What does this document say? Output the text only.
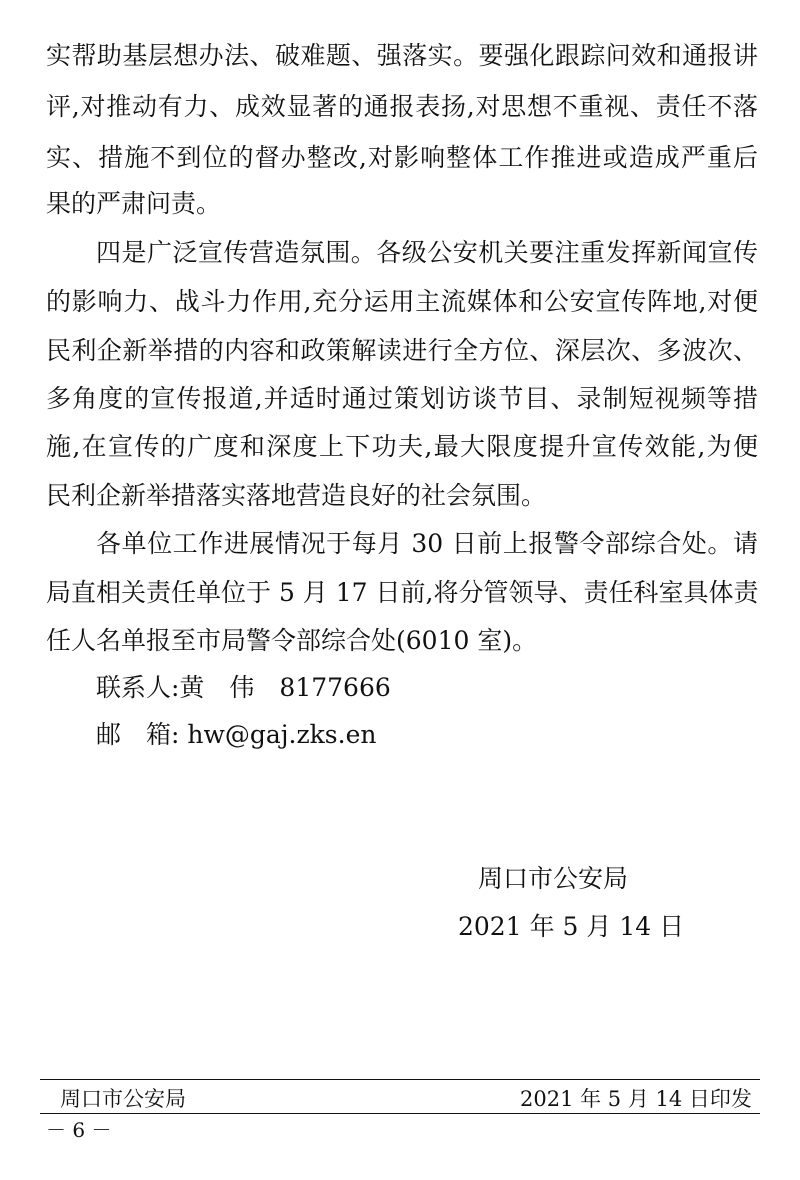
实帮助基层想办法、破难题、强落实。要强化跟踪问效和通报讲
评,对推动有力、成效显著的通报表扬,对思想不重视、责任不落
实、措施不到位的督办整改,对影响整体工作推进或造成严重后
果的严肃问责。
四是广泛宣传营造氛围。各级公安机关要注重发挥新闻宣传
的影响力、战斗力作用,充分运用主流媒体和公安宣传阵地,对便
民利企新举措的内容和政策解读进行全方位、深层次、多波次、
多角度的宣传报道,并适时通过策划访谈节目、录制短视频等措
施,在宣传的广度和深度上下功夫,最大限度提升宣传效能,为便
民利企新举措落实落地营造良好的社会氛围。
各单位工作进展情况于每月 30 日前上报警令部综合处。请
局直相关责任单位于 5 月 17 日前,将分管领导、责任科室具体责
任人名单报至市局警令部综合处(6010 室)。
联系人:黄　伟　8177666
邮　箱: hw@gaj.zks.en
周口市公安局
2021 年 5 月 14 日
周口市公安局	2021 年 5 月 14 日印发
－ 6 －
